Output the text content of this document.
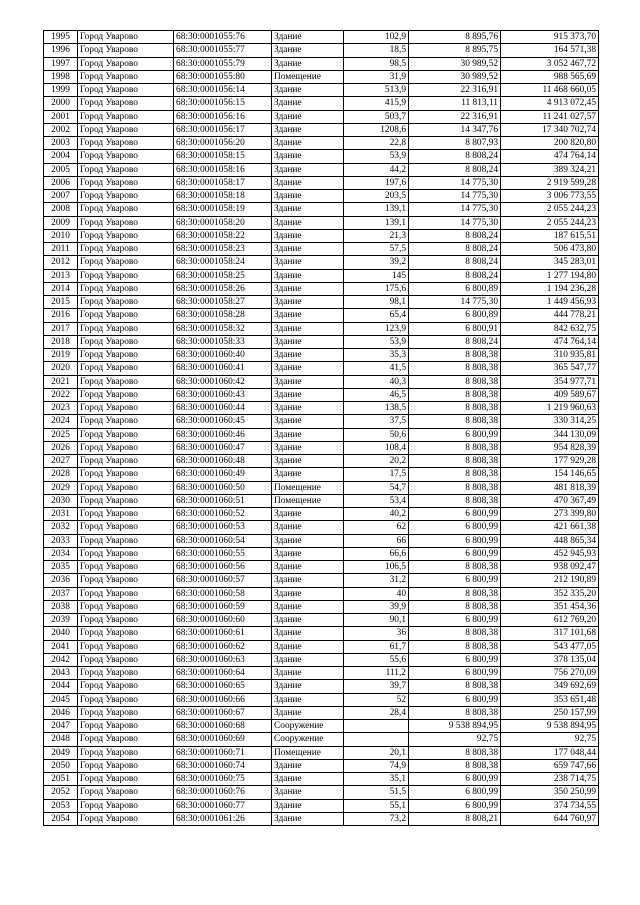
1995	Город Уварово	68:30:0001055:76	Здание	102,9	8 895,76	915 373,70
1996	Город Уварово	68:30:0001055:77	Здание	18,5	8 895,75	164 571,38
1997	Город Уварово	68:30:0001055:79	Здание	98,5	30 989,52	3 052 467,72
1998	Город Уварово	68:30:0001055:80	Помещение	31,9	30 989,52	988 565,69
1999	Город Уварово	68:30:0001056:14	Здание	513,9	22 316,91	11 468 660,05
2000	Город Уварово	68:30:0001056:15	Здание	415,9	11 813,11	4 913 072,45
2001	Город Уварово	68:30:0001056:16	Здание	503,7	22 316,91	11 241 027,57
2002	Город Уварово	68:30:0001056:17	Здание	1208,6	14 347,76	17 340 702,74
2003	Город Уварово	68:30:0001056:20	Здание	22,8	8 807,93	200 820,80
2004	Город Уварово	68:30:0001058:15	Здание	53,9	8 808,24	474 764,14
2005	Город Уварово	68:30:0001058:16	Здание	44,2	8 808,24	389 324,21
2006	Город Уварово	68:30:0001058:17	Здание	197,6	14 775,30	2 919 599,28
2007	Город Уварово	68:30:0001058:18	Здание	203,5	14 775,30	3 006 773,55
2008	Город Уварово	68:30:0001058:19	Здание	139,1	14 775,30	2 055 244,23
2009	Город Уварово	68:30:0001058:20	Здание	139,1	14 775,30	2 055 244,23
2010	Город Уварово	68:30:0001058:22	Здание	21,3	8 808,24	187 615,51
2011	Город Уварово	68:30:0001058:23	Здание	57,5	8 808,24	506 473,80
2012	Город Уварово	68:30:0001058:24	Здание	39,2	8 808,24	345 283,01
2013	Город Уварово	68:30:0001058:25	Здание	145	8 808,24	1 277 194,80
2014	Город Уварово	68:30:0001058:26	Здание	175,6	6 800,89	1 194 236,28
2015	Город Уварово	68:30:0001058:27	Здание	98,1	14 775,30	1 449 456,93
2016	Город Уварово	68:30:0001058:28	Здание	65,4	6 800,89	444 778,21
2017	Город Уварово	68:30:0001058:32	Здание	123,9	6 800,91	842 632,75
2018	Город Уварово	68:30:0001058:33	Здание	53,9	8 808,24	474 764,14
2019	Город Уварово	68:30:0001060:40	Здание	35,3	8 808,38	310 935,81
2020	Город Уварово	68:30:0001060:41	Здание	41,5	8 808,38	365 547,77
2021	Город Уварово	68:30:0001060:42	Здание	40,3	8 808,38	354 977,71
2022	Город Уварово	68:30:0001060:43	Здание	46,5	8 808,38	409 589,67
2023	Город Уварово	68:30:0001060:44	Здание	138,5	8 808,38	1 219 960,63
2024	Город Уварово	68:30:0001060:45	Здание	37,5	8 808,38	330 314,25
2025	Город Уварово	68:30:0001060:46	Здание	50,6	6 800,99	344 130,09
2026	Город Уварово	68:30:0001060:47	Здание	108,4	8 808,38	954 828,39
2027	Город Уварово	68:30:0001060:48	Здание	20,2	8 808,38	177 929,28
2028	Город Уварово	68:30:0001060:49	Здание	17,5	8 808,38	154 146,65
2029	Город Уварово	68:30:0001060:50	Помещение	54,7	8 808,38	481 818,39
2030	Город Уварово	68:30:0001060:51	Помещение	53,4	8 808,38	470 367,49
2031	Город Уварово	68:30:0001060:52	Здание	40,2	6 800,99	273 399,80
2032	Город Уварово	68:30:0001060:53	Здание	62	6 800,99	421 661,38
2033	Город Уварово	68:30:0001060:54	Здание	66	6 800,99	448 865,34
2034	Город Уварово	68:30:0001060:55	Здание	66,6	6 800,99	452 945,93
2035	Город Уварово	68:30:0001060:56	Здание	106,5	8 808,38	938 092,47
2036	Город Уварово	68:30:0001060:57	Здание	31,2	6 800,99	212 190,89
2037	Город Уварово	68:30:0001060:58	Здание	40	8 808,38	352 335,20
2038	Город Уварово	68:30:0001060:59	Здание	39,9	8 808,38	351 454,36
2039	Город Уварово	68:30:0001060:60	Здание	90,1	6 800,99	612 769,20
2040	Город Уварово	68:30:0001060:61	Здание	36	8 808,38	317 101,68
2041	Город Уварово	68:30:0001060:62	Здание	61,7	8 808,38	543 477,05
2042	Город Уварово	68:30:0001060:63	Здание	55,6	6 800,99	378 135,04
2043	Город Уварово	68:30:0001060:64	Здание	111,2	6 800,99	756 270,09
2044	Город Уварово	68:30:0001060:65	Здание	39,7	8 808,38	349 692,69
2045	Город Уварово	68:30:0001060:66	Здание	52	6 800,99	353 651,48
2046	Город Уварово	68:30:0001060:67	Здание	28,4	8 808,38	250 157,99
2047	Город Уварово	68:30:0001060:68	Сооружение		9 538 894,95	9 538 894,95
2048	Город Уварово	68:30:0001060:69	Сооружение		92,75	92,75
2049	Город Уварово	68:30:0001060:71	Помещение	20,1	8 808,38	177 048,44
2050	Город Уварово	68:30:0001060:74	Здание	74,9	8 808,38	659 747,66
2051	Город Уварово	68:30:0001060:75	Здание	35,1	6 800,99	238 714,75
2052	Город Уварово	68:30:0001060:76	Здание	51,5	6 800,99	350 250,99
2053	Город Уварово	68:30:0001060:77	Здание	55,1	6 800,99	374 734,55
2054	Город Уварово	68:30:0001061:26	Здание	73,2	8 808,21	644 760,97
